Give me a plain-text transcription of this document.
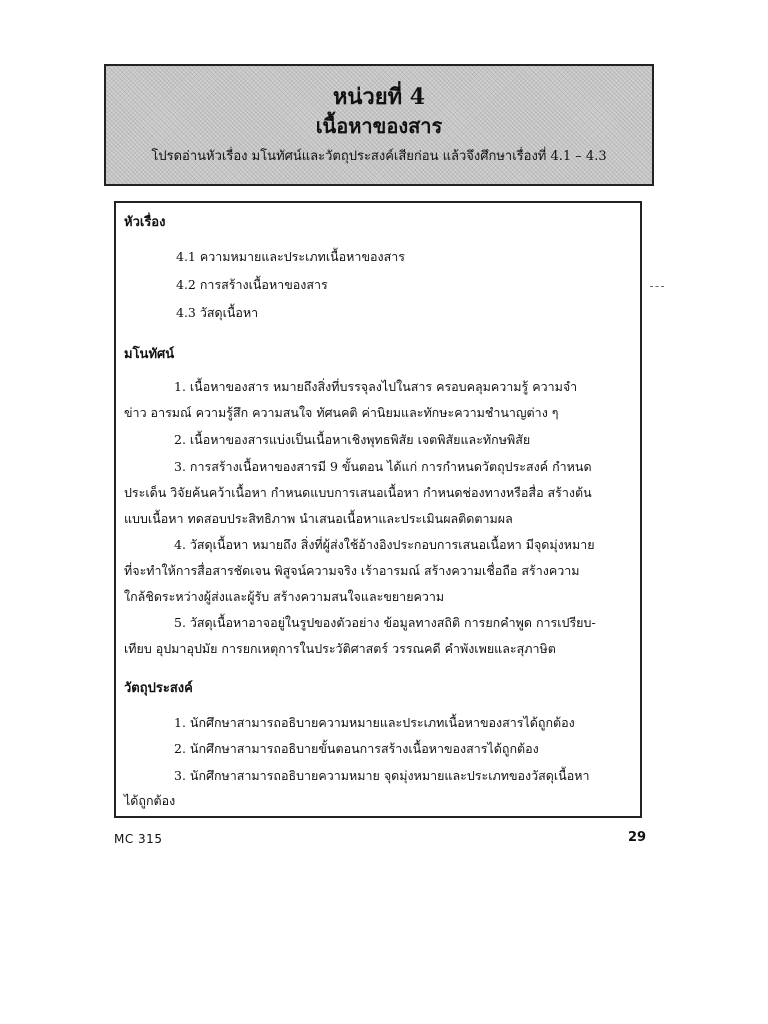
หน่วยที่ 4
เนื้อหาของสาร
โปรดอ่านหัวเรื่อง มโนทัศน์และวัตถุประสงค์เสียก่อน แล้วจึงศึกษาเรื่องที่ 4.1 – 4.3
หัวเรื่อง
4.1 ความหมายและประเภทเนื้อหาของสาร
4.2 การสร้างเนื้อหาของสาร
4.3 วัสดุเนื้อหา
มโนทัศน์
1. เนื้อหาของสาร หมายถึงสิ่งที่บรรจุลงไปในสาร ครอบคลุมความรู้ ความจำ
ข่าว อารมณ์ ความรู้สึก ความสนใจ ทัศนคติ ค่านิยมและทักษะความชำนาญต่าง ๆ
2. เนื้อหาของสารแบ่งเป็นเนื้อหาเชิงพุทธพิสัย เจตพิสัยและทักษพิสัย
3. การสร้างเนื้อหาของสารมี 9 ขั้นตอน ได้แก่ การกำหนดวัตถุประสงค์ กำหนด
ประเด็น วิจัยค้นคว้าเนื้อหา กำหนดแบบการเสนอเนื้อหา กำหนดช่องทางหรือสื่อ สร้างต้น
แบบเนื้อหา ทดสอบประสิทธิภาพ นำเสนอเนื้อหาและประเมินผลติดตามผล
4. วัสดุเนื้อหา หมายถึง สิ่งที่ผู้ส่งใช้อ้างอิงประกอบการเสนอเนื้อหา มีจุดมุ่งหมาย
ที่จะทำให้การสื่อสารชัดเจน พิสูจน์ความจริง เร้าอารมณ์ สร้างความเชื่อถือ สร้างความ
ใกล้ชิดระหว่างผู้ส่งและผู้รับ สร้างความสนใจและขยายความ
5. วัสดุเนื้อหาอาจอยู่ในรูปของตัวอย่าง ข้อมูลทางสถิติ การยกคำพูด การเปรียบ-
เทียบ อุปมาอุปมัย การยกเหตุการในประวัติศาสตร์ วรรณคดี คำพังเพยและสุภาษิต
วัตถุประสงค์
1. นักศึกษาสามารถอธิบายความหมายและประเภทเนื้อหาของสารได้ถูกต้อง
2. นักศึกษาสามารถอธิบายขั้นตอนการสร้างเนื้อหาของสารได้ถูกต้อง
3. นักศึกษาสามารถอธิบายความหมาย จุดมุ่งหมายและประเภทของวัสดุเนื้อหา
ได้ถูกต้อง
MC 315	29
